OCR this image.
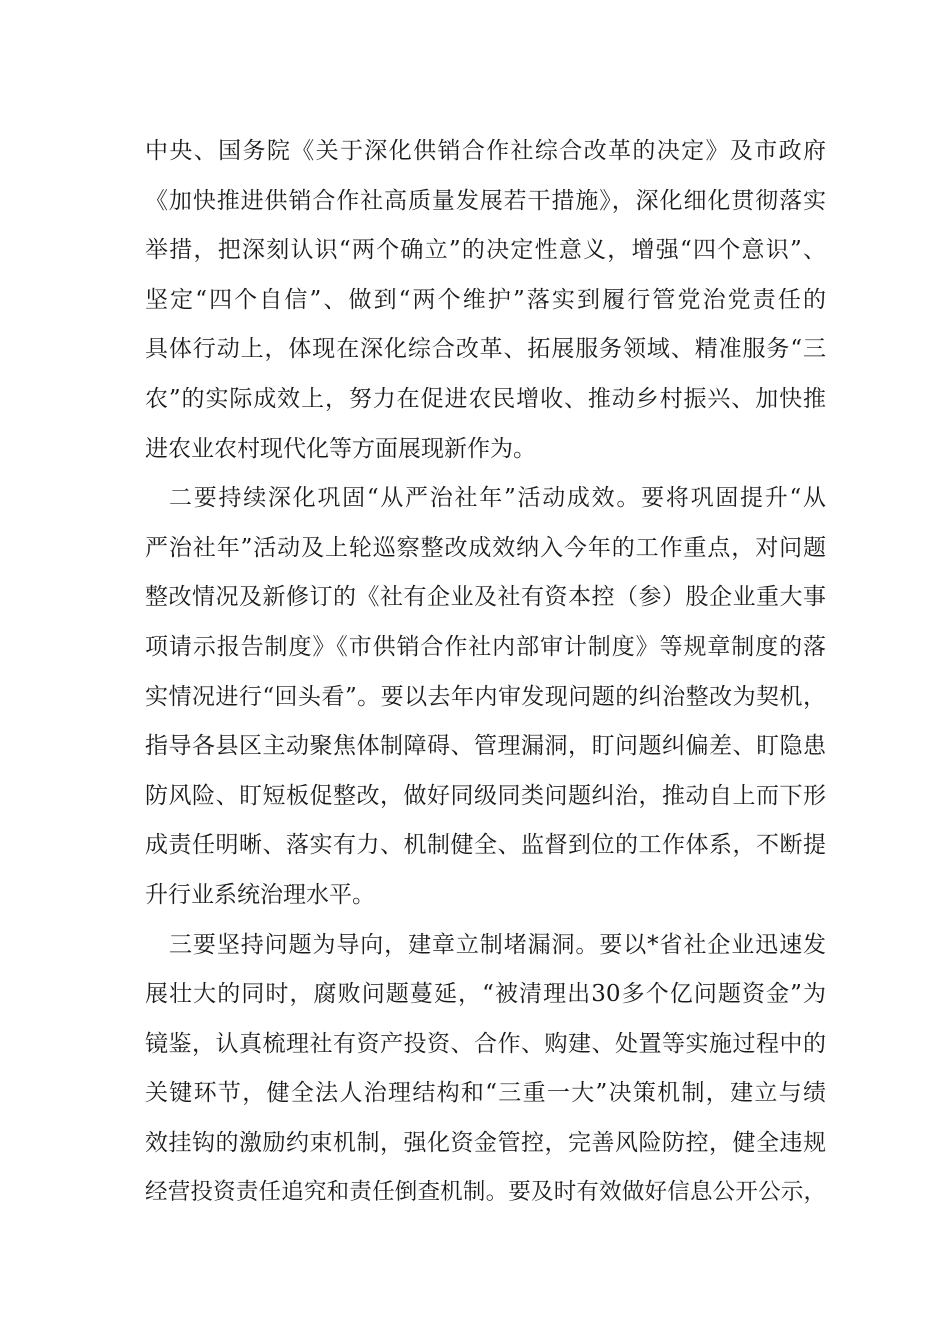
中央、国务院《关于深化供销合作社综合改革的决定》及市政府
《加快推进供销合作社高质量发展若干措施》，深化细化贯彻落实
举措，把深刻认识“两个确立”的决定性意义，增强“四个意识”、
坚定“四个自信”、做到“两个维护”落实到履行管党治党责任的
具体行动上，体现在深化综合改革、拓展服务领域、精准服务“三
农”的实际成效上，努力在促进农民增收、推动乡村振兴、加快推
进农业农村现代化等方面展现新作为。
二要持续深化巩固“从严治社年”活动成效。要将巩固提升“从
严治社年”活动及上轮巡察整改成效纳入今年的工作重点，对问题
整改情况及新修订的《社有企业及社有资本控（参）股企业重大事
项请示报告制度》《市供销合作社内部审计制度》等规章制度的落
实情况进行“回头看”。要以去年内审发现问题的纠治整改为契机，
指导各县区主动聚焦体制障碍、管理漏洞，盯问题纠偏差、盯隐患
防风险、盯短板促整改，做好同级同类问题纠治，推动自上而下形
成责任明晰、落实有力、机制健全、监督到位的工作体系，不断提
升行业系统治理水平。
三要坚持问题为导向，建章立制堵漏洞。要以*省社企业迅速发
展壮大的同时，腐败问题蔓延，“被清理出30多个亿问题资金”为
镜鉴，认真梳理社有资产投资、合作、购建、处置等实施过程中的
关键环节，健全法人治理结构和“三重一大”决策机制，建立与绩
效挂钩的激励约束机制，强化资金管控，完善风险防控，健全违规
经营投资责任追究和责任倒查机制。要及时有效做好信息公开公示，
